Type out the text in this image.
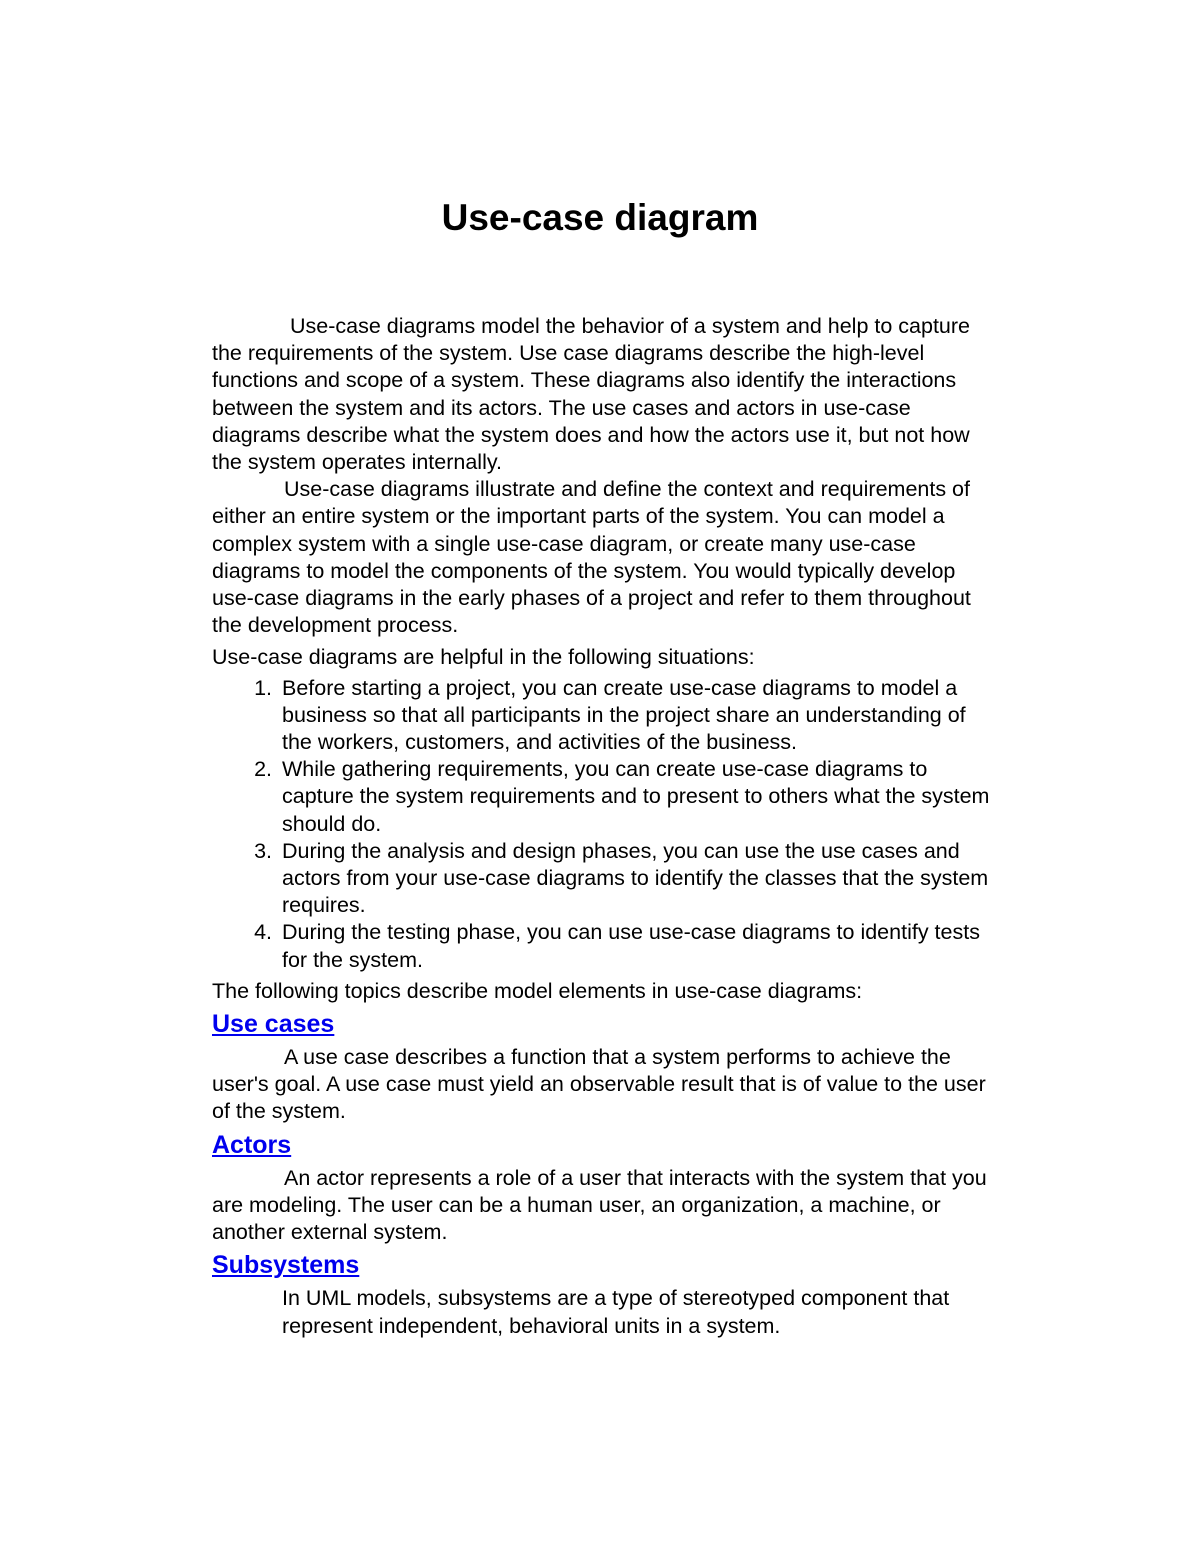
Use-case diagram

Use-case diagrams model the behavior of a system and help to capture the requirements of the system. Use case diagrams describe the high-level functions and scope of a system. These diagrams also identify the interactions between the system and its actors. The use cases and actors in use-case diagrams describe what the system does and how the actors use it, but not how the system operates internally.

Use-case diagrams illustrate and define the context and requirements of either an entire system or the important parts of the system. You can model a complex system with a single use-case diagram, or create many use-case diagrams to model the components of the system. You would typically develop use-case diagrams in the early phases of a project and refer to them throughout the development process.

Use-case diagrams are helpful in the following situations:

1. Before starting a project, you can create use-case diagrams to model a business so that all participants in the project share an understanding of the workers, customers, and activities of the business.
2. While gathering requirements, you can create use-case diagrams to capture the system requirements and to present to others what the system should do.
3. During the analysis and design phases, you can use the use cases and actors from your use-case diagrams to identify the classes that the system requires.
4. During the testing phase, you can use use-case diagrams to identify tests for the system.

The following topics describe model elements in use-case diagrams:

Use cases

A use case describes a function that a system performs to achieve the user's goal. A use case must yield an observable result that is of value to the user of the system.

Actors

An actor represents a role of a user that interacts with the system that you are modeling. The user can be a human user, an organization, a machine, or another external system.

Subsystems

In UML models, subsystems are a type of stereotyped component that represent independent, behavioral units in a system.
